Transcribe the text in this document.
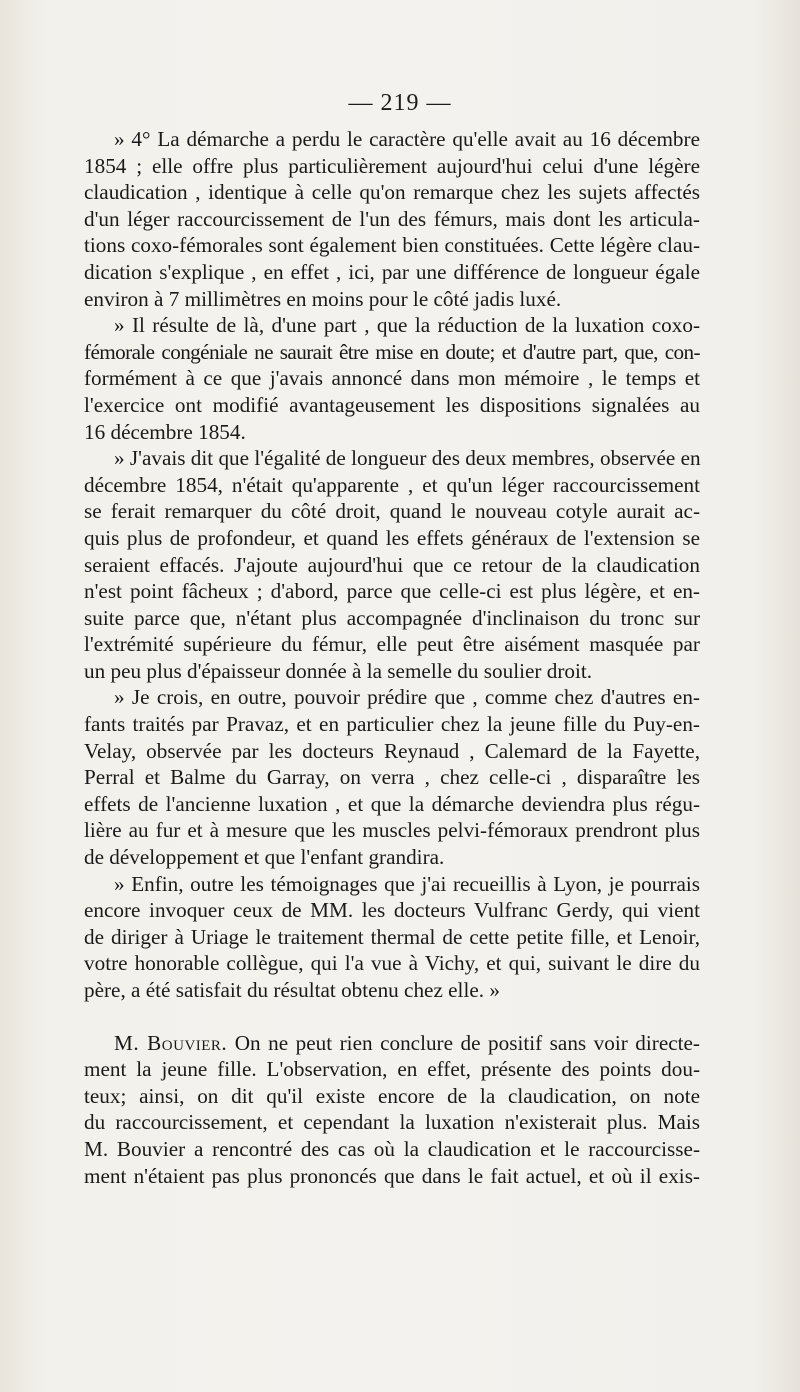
— 219 —
» 4° La démarche a perdu le caractère qu'elle avait au 16 décembre
1854 ; elle offre plus particulièrement aujourd'hui celui d'une légère
claudication , identique à celle qu'on remarque chez les sujets affectés
d'un léger raccourcissement de l'un des fémurs, mais dont les articula-
tions coxo-fémorales sont également bien constituées. Cette légère clau-
dication s'explique , en effet , ici, par une différence de longueur égale
environ à 7 millimètres en moins pour le côté jadis luxé.
» Il résulte de là, d'une part , que la réduction de la luxation coxo-
fémorale congéniale ne saurait être mise en doute; et d'autre part, que, con-
formément à ce que j'avais annoncé dans mon mémoire , le temps et
l'exercice ont modifié avantageusement les dispositions signalées au
16 décembre 1854.
» J'avais dit que l'égalité de longueur des deux membres, observée en
décembre 1854, n'était qu'apparente , et qu'un léger raccourcissement
se ferait remarquer du côté droit, quand le nouveau cotyle aurait ac-
quis plus de profondeur, et quand les effets généraux de l'extension se
seraient effacés. J'ajoute aujourd'hui que ce retour de la claudication
n'est point fâcheux ; d'abord, parce que celle-ci est plus légère, et en-
suite parce que, n'étant plus accompagnée d'inclinaison du tronc sur
l'extrémité supérieure du fémur, elle peut être aisément masquée par
un peu plus d'épaisseur donnée à la semelle du soulier droit.
» Je crois, en outre, pouvoir prédire que , comme chez d'autres en-
fants traités par Pravaz, et en particulier chez la jeune fille du Puy-en-
Velay, observée par les docteurs Reynaud , Calemard de la Fayette,
Perral et Balme du Garray, on verra , chez celle-ci , disparaître les
effets de l'ancienne luxation , et que la démarche deviendra plus régu-
lière au fur et à mesure que les muscles pelvi-fémoraux prendront plus
de développement et que l'enfant grandira.
» Enfin, outre les témoignages que j'ai recueillis à Lyon, je pourrais
encore invoquer ceux de MM. les docteurs Vulfranc Gerdy, qui vient
de diriger à Uriage le traitement thermal de cette petite fille, et Lenoir,
votre honorable collègue, qui l'a vue à Vichy, et qui, suivant le dire du
père, a été satisfait du résultat obtenu chez elle. »
M. Bouvier. On ne peut rien conclure de positif sans voir directe-
ment la jeune fille. L'observation, en effet, présente des points dou-
teux; ainsi, on dit qu'il existe encore de la claudication, on note
du raccourcissement, et cependant la luxation n'existerait plus. Mais
M. Bouvier a rencontré des cas où la claudication et le raccourcisse-
ment n'étaient pas plus prononcés que dans le fait actuel, et où il exis-
